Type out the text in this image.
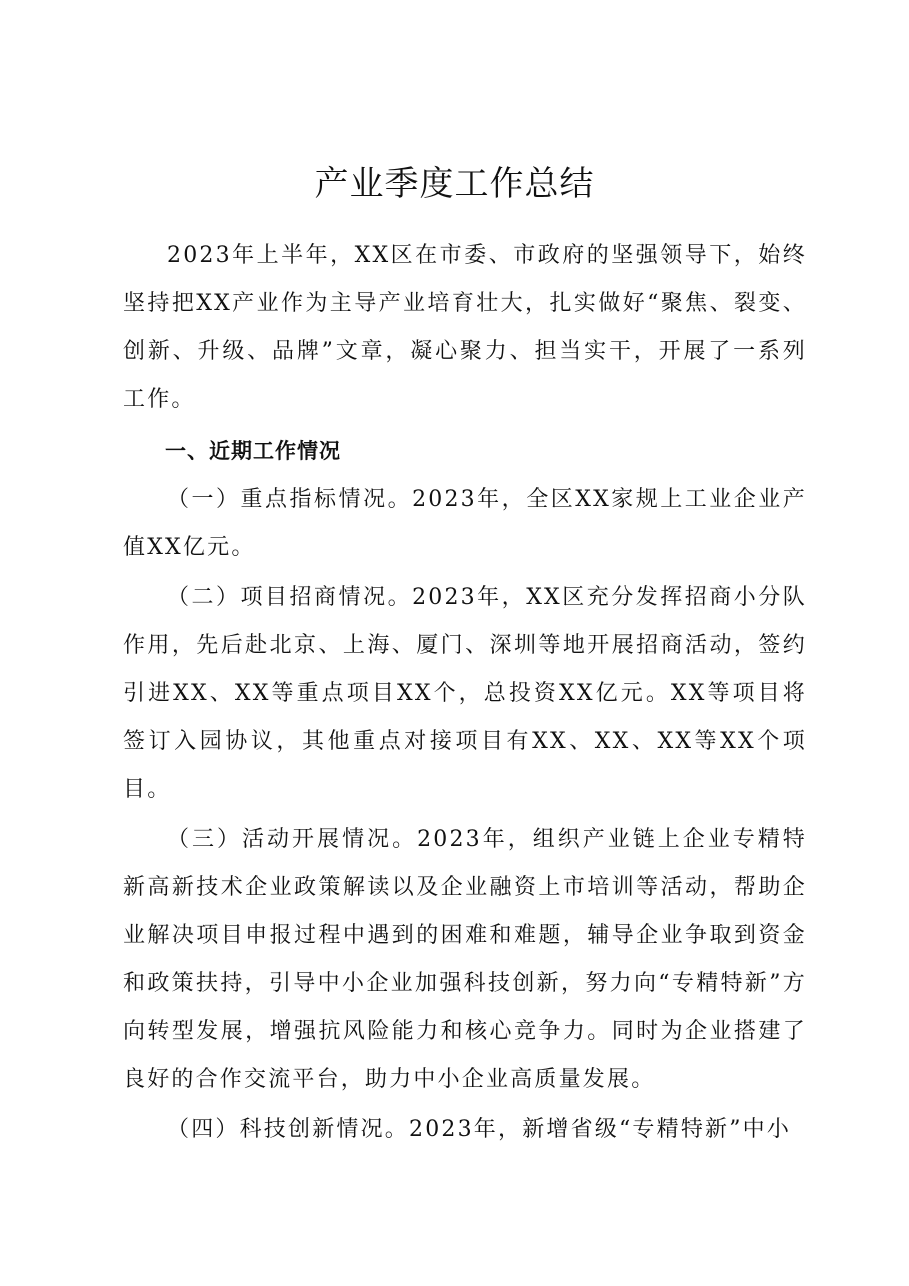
产业季度工作总结

2023年上半年，XX区在市委、市政府的坚强领导下，始终坚持把XX产业作为主导产业培育壮大，扎实做好“聚焦、裂变、创新、升级、品牌”文章，凝心聚力、担当实干，开展了一系列工作。

一、近期工作情况

（一）重点指标情况。2023年，全区XX家规上工业企业产值XX亿元。

（二）项目招商情况。2023年，XX区充分发挥招商小分队作用，先后赴北京、上海、厦门、深圳等地开展招商活动，签约引进XX、XX等重点项目XX个，总投资XX亿元。XX等项目将签订入园协议，其他重点对接项目有XX、XX、XX等XX个项目。

（三）活动开展情况。2023年，组织产业链上企业专精特新高新技术企业政策解读以及企业融资上市培训等活动，帮助企业解决项目申报过程中遇到的困难和难题，辅导企业争取到资金和政策扶持，引导中小企业加强科技创新，努力向“专精特新”方向转型发展，增强抗风险能力和核心竞争力。同时为企业搭建了良好的合作交流平台，助力中小企业高质量发展。

（四）科技创新情况。2023年，新增省级“专精特新”中小
